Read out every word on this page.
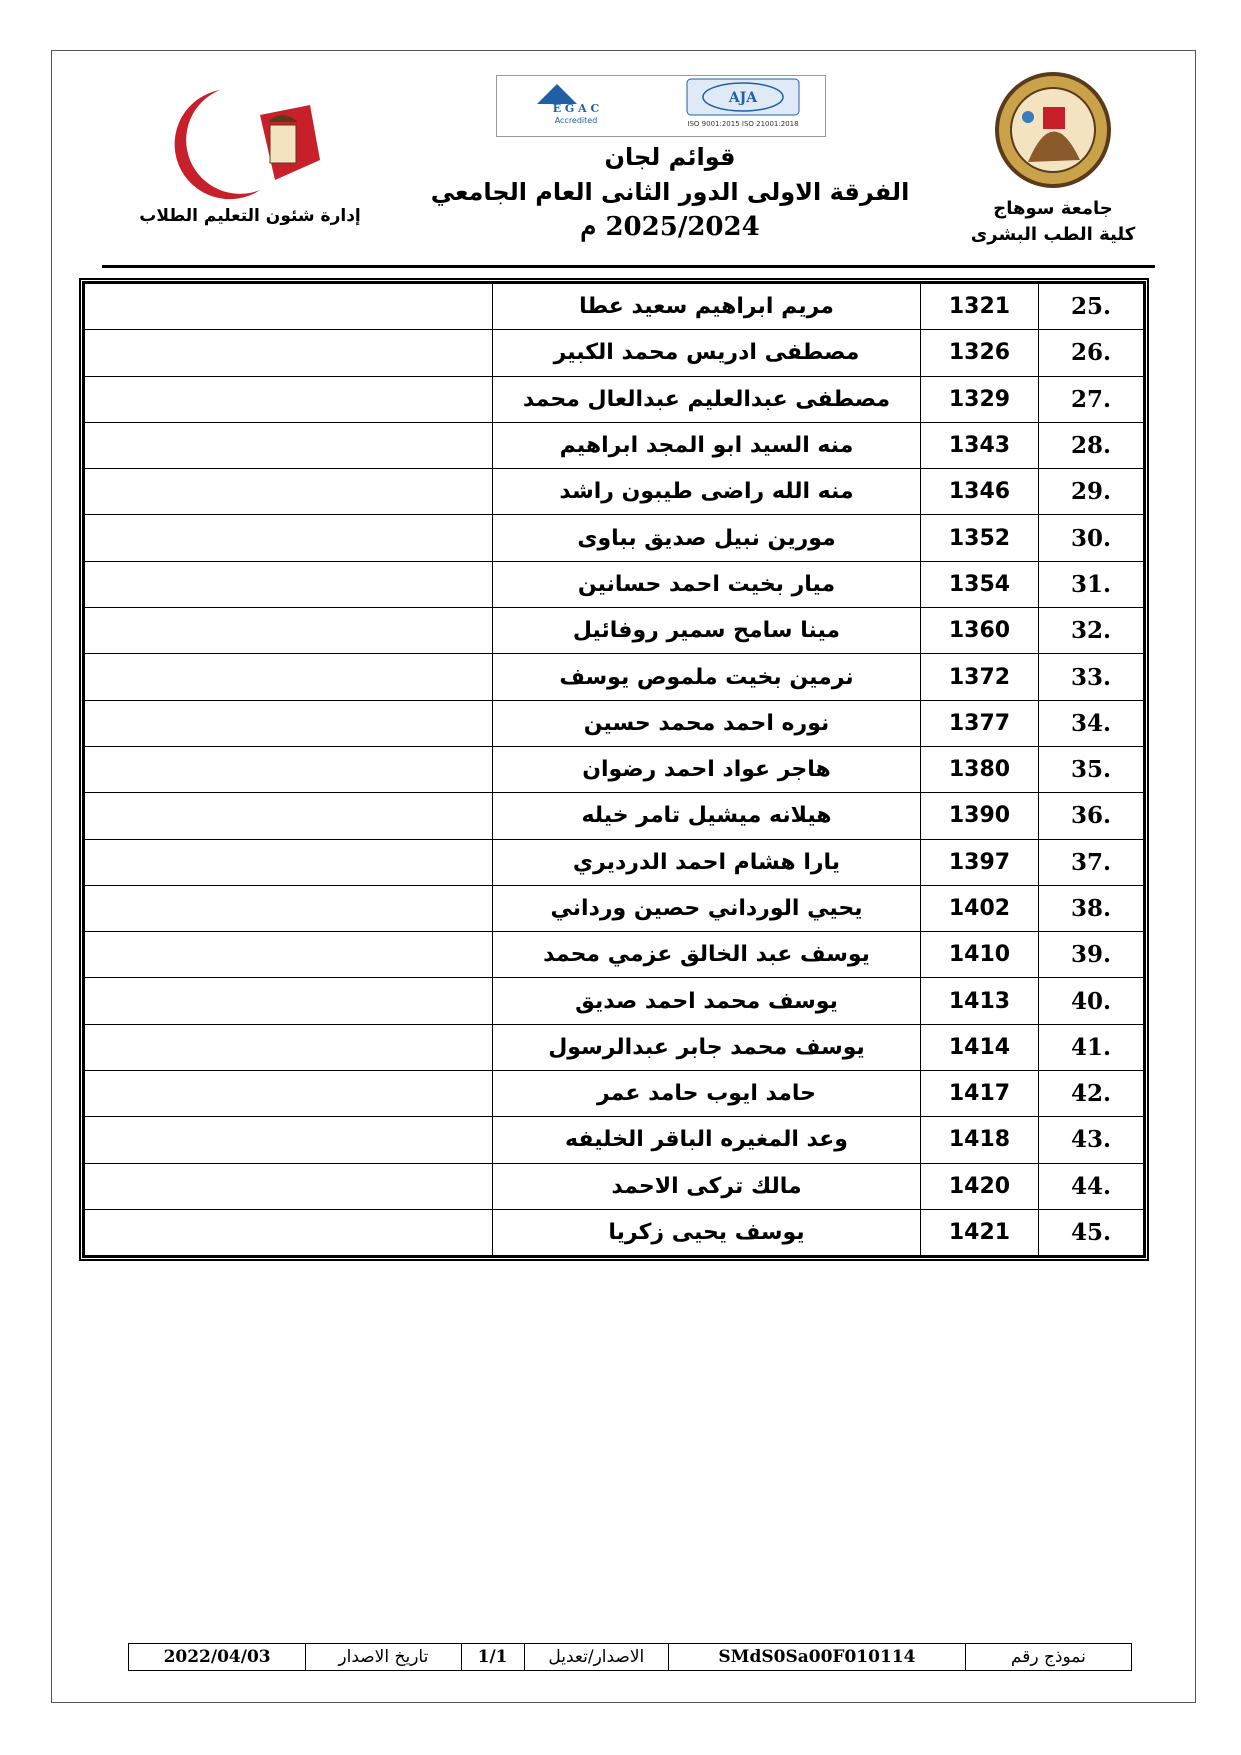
جامعة سوهاج
كلية الطب البشرى
E G A C
Accredited
AJA
ISO 9001:2015 ISO 21001:2018
قوائم لجان
الفرقة الاولى الدور الثانى العام الجامعي
2025/2024 م
إدارة شئون التعليم الطلاب
25.	1321	مريم ابراهيم سعيد عطا	
26.	1326	مصطفى ادريس محمد الكبير	
27.	1329	مصطفى عبدالعليم عبدالعال محمد	
28.	1343	منه السيد ابو المجد ابراهيم	
29.	1346	منه الله راضى طيبون راشد	
30.	1352	مورين نبيل صديق بباوى	
31.	1354	ميار بخيت احمد حسانين	
32.	1360	مينا سامح سمير روفائيل	
33.	1372	نرمين بخيت ملموص يوسف	
34.	1377	نوره احمد محمد حسين	
35.	1380	هاجر عواد احمد رضوان	
36.	1390	هيلانه ميشيل تامر خيله	
37.	1397	يارا هشام احمد الدرديري	
38.	1402	يحيي الورداني حصين ورداني	
39.	1410	يوسف عبد الخالق عزمي محمد	
40.	1413	يوسف محمد احمد صديق	
41.	1414	يوسف محمد جابر عبدالرسول	
42.	1417	حامد ايوب حامد عمر	
43.	1418	وعد المغيره الباقر الخليفه	
44.	1420	مالك تركى الاحمد	
45.	1421	يوسف يحيى زكريا	
نموذج رقم	SMdS0Sa00F010114	الاصدار/تعديل	1/1	تاريخ الاصدار	2022/04/03
